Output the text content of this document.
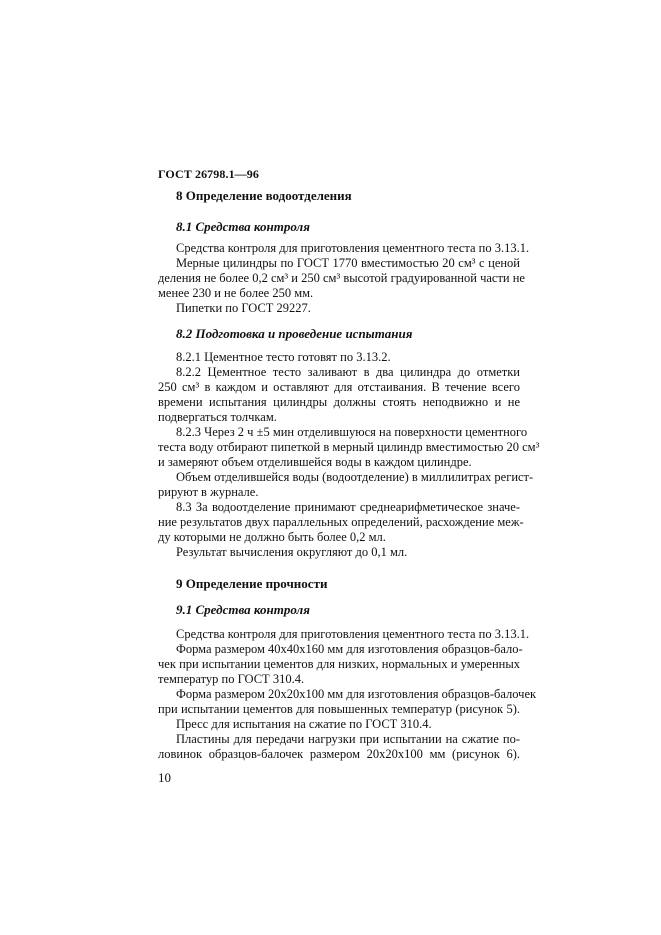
ГОСТ 26798.1—96
8 Определение водоотделения
8.1 Средства контроля
Средства контроля для приготовления цементного теста по 3.13.1.
Мерные цилиндры по ГОСТ 1770 вместимостью 20 см³ с ценой
деления не более 0,2 см³ и 250 см³ высотой градуированной части не
менее 230 и не более 250 мм.
Пипетки по ГОСТ 29227.
8.2 Подготовка и проведение испытания
8.2.1 Цементное тесто готовят по 3.13.2.
8.2.2 Цементное тесто заливают в два цилиндра до отметки
250 см³ в каждом и оставляют для отстаивания. В течение всего
времени испытания цилиндры должны стоять неподвижно и не
подвергаться толчкам.
8.2.3 Через 2 ч ±5 мин отделившуюся на поверхности цементного
теста воду отбирают пипеткой в мерный цилиндр вместимостью 20 см³
и замеряют объем отделившейся воды в каждом цилиндре.
Объем отделившейся воды (водоотделение) в миллилитрах регист-
рируют в журнале.
8.3 За водоотделение принимают среднеарифметическое значе-
ние результатов двух параллельных определений, расхождение меж-
ду которыми не должно быть более 0,2 мл.
Результат вычисления округляют до 0,1 мл.
9 Определение прочности
9.1 Средства контроля
Средства контроля для приготовления цементного теста по 3.13.1.
Форма размером 40х40х160 мм для изготовления образцов-бало-
чек при испытании цементов для низких, нормальных и умеренных
температур по ГОСТ 310.4.
Форма размером 20х20х100 мм для изготовления образцов-балочек
при испытании цементов для повышенных температур (рисунок 5).
Пресс для испытания на сжатие по ГОСТ 310.4.
Пластины для передачи нагрузки при испытании на сжатие по-
ловинок образцов-балочек размером 20х20х100 мм (рисунок 6).
10
